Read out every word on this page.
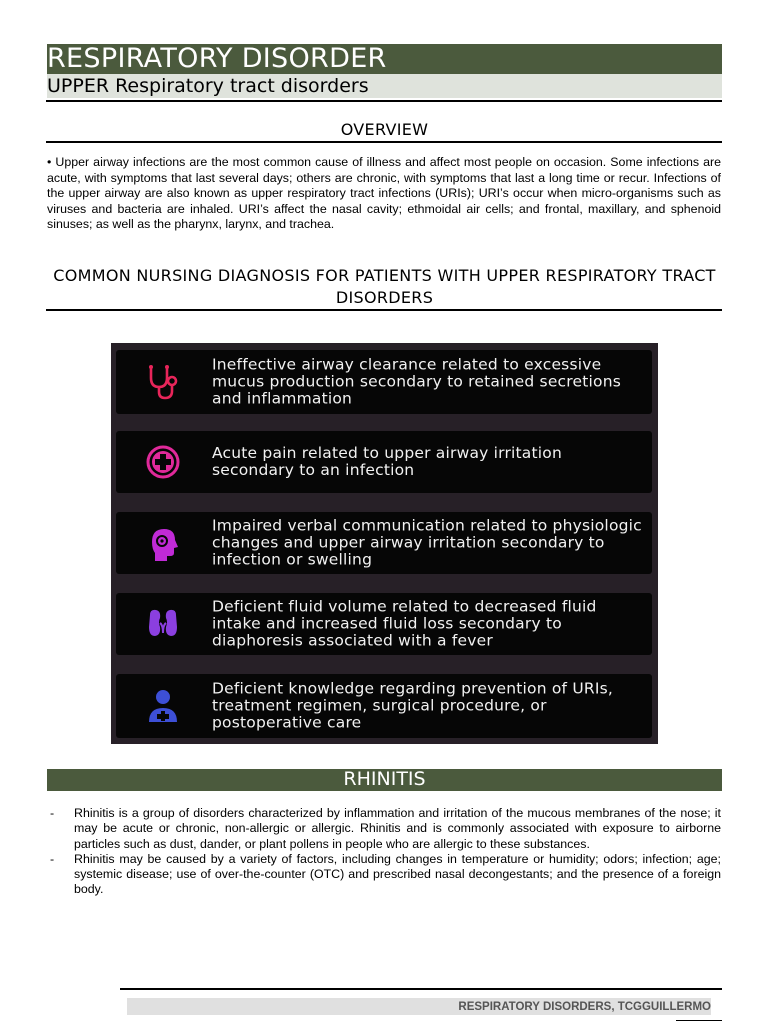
RESPIRATORY DISORDER
UPPER Respiratory tract disorders
OVERVIEW
• Upper airway infections are the most common cause of illness and affect most people on occasion. Some infections are acute, with symptoms that last several days; others are chronic, with symptoms that last a long time or recur. Infections of the upper airway are also known as upper respiratory tract infections (URIs); URI’s occur when micro-organisms such as viruses and bacteria are inhaled. URI’s affect the nasal cavity; ethmoidal air cells; and frontal, maxillary, and sphenoid sinuses; as well as the pharynx, larynx, and trachea.
COMMON NURSING DIAGNOSIS FOR PATIENTS WITH UPPER RESPIRATORY TRACT DISORDERS
Ineffective airway clearance related to excessive mucus production secondary to retained secretions and inflammation
Acute pain related to upper airway irritation secondary to an infection
Impaired verbal communication related to physiologic changes and upper airway irritation secondary to infection or swelling
Deficient fluid volume related to decreased fluid intake and increased fluid loss secondary to diaphoresis associated with a fever
Deficient knowledge regarding prevention of URIs, treatment regimen, surgical procedure, or postoperative care
RHINITIS
- Rhinitis is a group of disorders characterized by inflammation and irritation of the mucous membranes of the nose; it may be acute or chronic, non-allergic or allergic. Rhinitis and is commonly associated with exposure to airborne particles such as dust, dander, or plant pollens in people who are allergic to these substances.
- Rhinitis may be caused by a variety of factors, including changes in temperature or humidity; odors; infection; age; systemic disease; use of over-the-counter (OTC) and prescribed nasal decongestants; and the presence of a foreign body.
RESPIRATORY DISORDERS, TCGGUILLERMO
